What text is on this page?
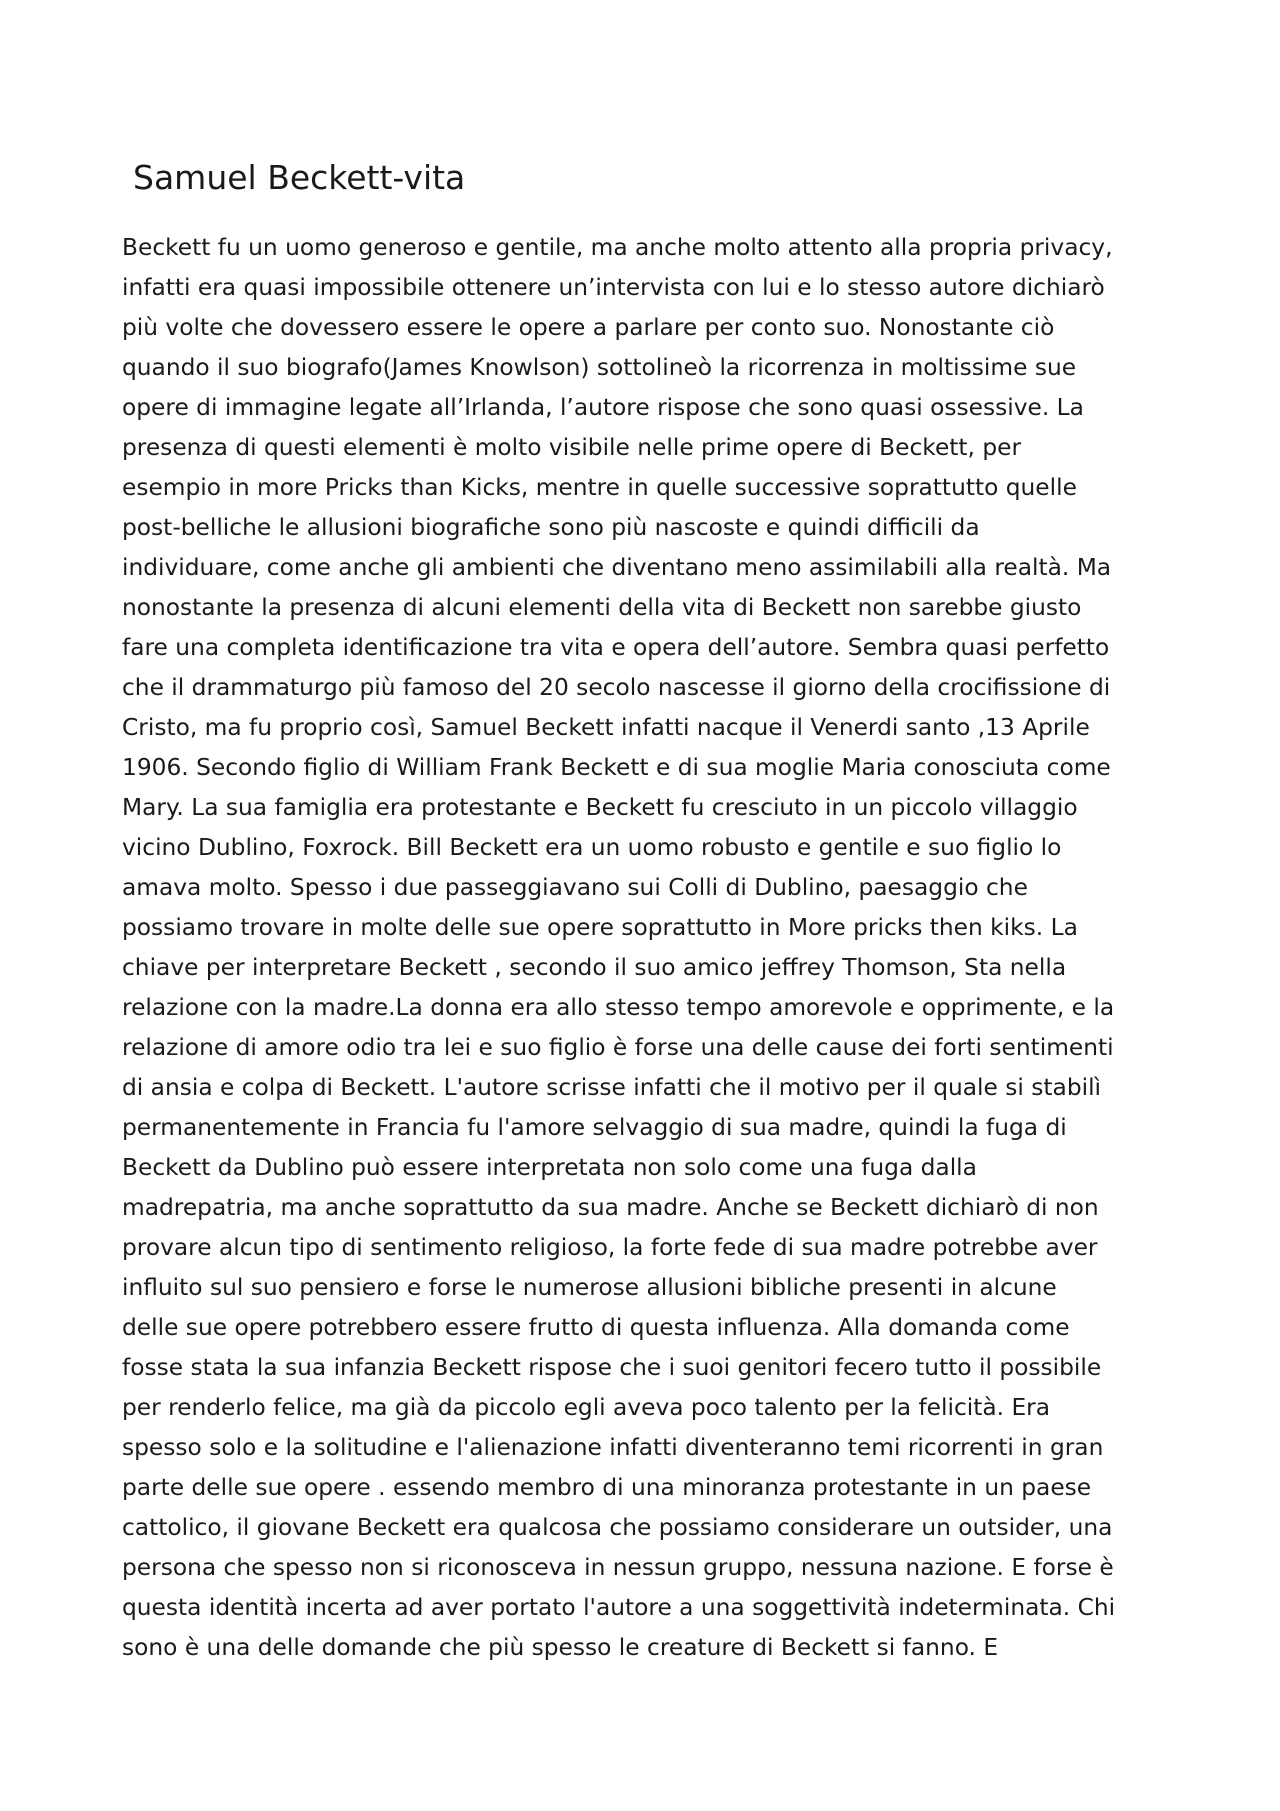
Samuel Beckett-vita
Beckett fu un uomo generoso e gentile, ma anche molto attento alla propria privacy,
infatti era quasi impossibile ottenere un’intervista con lui e lo stesso autore dichiarò
più volte che dovessero essere le opere a parlare per conto suo. Nonostante ciò
quando il suo biografo(James Knowlson) sottolineò la ricorrenza in moltissime sue
opere di immagine legate all’Irlanda, l’autore rispose che sono quasi ossessive. La
presenza di questi elementi è molto visibile nelle prime opere di Beckett, per
esempio in more Pricks than Kicks, mentre in quelle successive soprattutto quelle
post-belliche le allusioni biografiche sono più nascoste e quindi difficili da
individuare, come anche gli ambienti che diventano meno assimilabili alla realtà. Ma
nonostante la presenza di alcuni elementi della vita di Beckett non sarebbe giusto
fare una completa identificazione tra vita e opera dell’autore. Sembra quasi perfetto
che il drammaturgo più famoso del 20 secolo nascesse il giorno della crocifissione di
Cristo, ma fu proprio così, Samuel Beckett infatti nacque il Venerdi santo ,13 Aprile
1906. Secondo figlio di William Frank Beckett e di sua moglie Maria conosciuta come
Mary. La sua famiglia era protestante e Beckett fu cresciuto in un piccolo villaggio
vicino Dublino, Foxrock. Bill Beckett era un uomo robusto e gentile e suo figlio lo
amava molto. Spesso i due passeggiavano sui Colli di Dublino, paesaggio che
possiamo trovare in molte delle sue opere soprattutto in More pricks then kiks. La
chiave per interpretare Beckett , secondo il suo amico jeffrey Thomson, Sta nella
relazione con la madre.La donna era allo stesso tempo amorevole e opprimente, e la
relazione di amore odio tra lei e suo figlio è forse una delle cause dei forti sentimenti
di ansia e colpa di Beckett. L'autore scrisse infatti che il motivo per il quale si stabilì
permanentemente in Francia fu l'amore selvaggio di sua madre, quindi la fuga di
Beckett da Dublino può essere interpretata non solo come una fuga dalla
madrepatria, ma anche soprattutto da sua madre. Anche se Beckett dichiarò di non
provare alcun tipo di sentimento religioso, la forte fede di sua madre potrebbe aver
influito sul suo pensiero e forse le numerose allusioni bibliche presenti in alcune
delle sue opere potrebbero essere frutto di questa influenza. Alla domanda come
fosse stata la sua infanzia Beckett rispose che i suoi genitori fecero tutto il possibile
per renderlo felice, ma già da piccolo egli aveva poco talento per la felicità. Era
spesso solo e la solitudine e l'alienazione infatti diventeranno temi ricorrenti in gran
parte delle sue opere . essendo membro di una minoranza protestante in un paese
cattolico, il giovane Beckett era qualcosa che possiamo considerare un outsider, una
persona che spesso non si riconosceva in nessun gruppo, nessuna nazione. E forse è
questa identità incerta ad aver portato l'autore a una soggettività indeterminata. Chi
sono è una delle domande che più spesso le creature di Beckett si fanno. E
